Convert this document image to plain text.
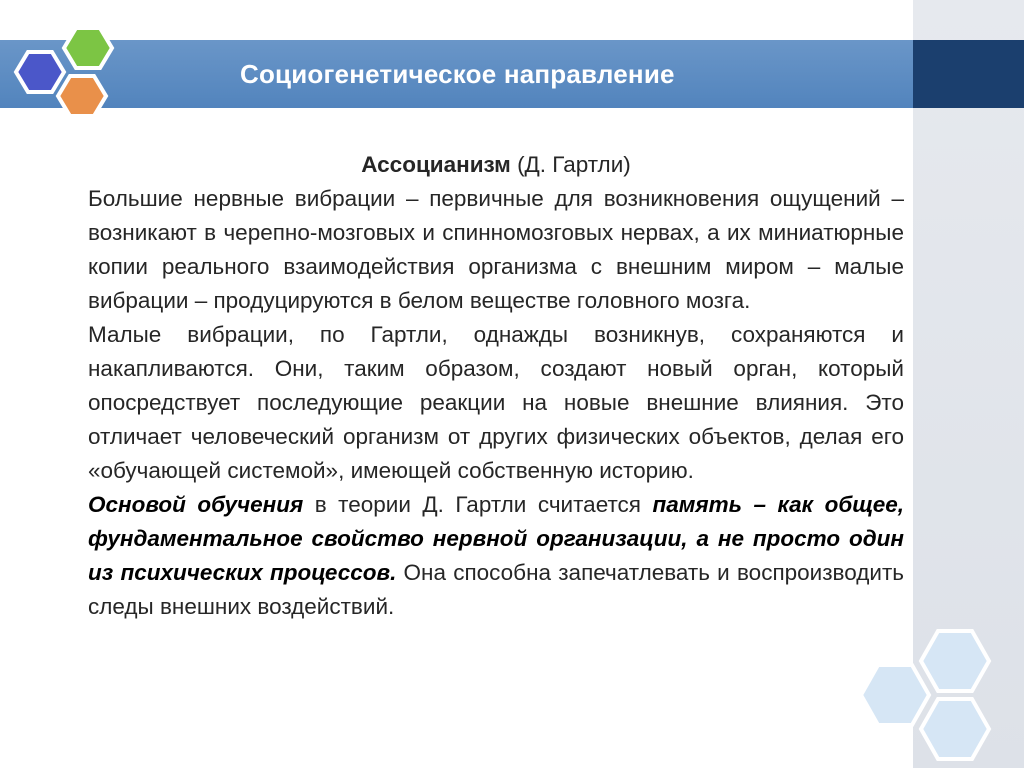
Социогенетическое направление
Ассоцианизм (Д. Гартли)

Большие нервные вибрации – первичные для возникновения ощущений – возникают в черепно-мозговых и спинномозговых нервах, а их миниатюрные копии реального взаимодействия организма с внешним миром – малые вибрации – продуцируются в белом веществе головного мозга.

Малые вибрации, по Гартли, однажды возникнув, сохраняются и накапливаются. Они, таким образом, создают новый орган, который опосредствует последующие реакции на новые внешние влияния. Это отличает человеческий организм от других физических объектов, делая его «обучающей системой», имеющей собственную историю.

Основой обучения в теории Д. Гартли считается память – как общее, фундаментальное свойство нервной организации, а не просто один из психических процессов. Она способна запечатлевать и воспроизводить следы внешних воздействий.
